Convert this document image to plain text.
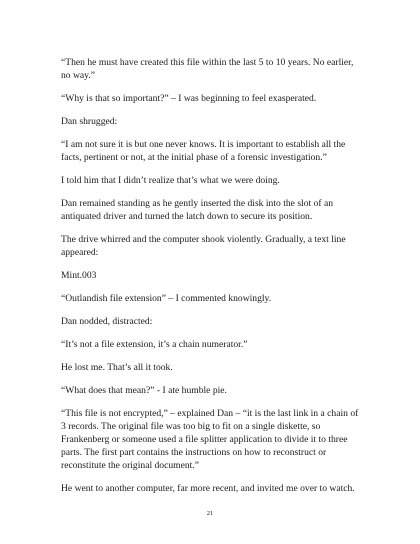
“Then he must have created this file within the last 5 to 10 years. No earlier, no way.”

“Why is that so important?” – I was beginning to feel exasperated.

Dan shrugged:

“I am not sure it is but one never knows. It is important to establish all the facts, pertinent or not, at the initial phase of a forensic investigation.”

I told him that I didn’t realize that’s what we were doing.

Dan remained standing as he gently inserted the disk into the slot of an antiquated driver and turned the latch down to secure its position.

The drive whirred and the computer shook violently. Gradually, a text line appeared:

Mint.003

“Outlandish file extension” – I commented knowingly.

Dan nodded, distracted:

“It’s not a file extension, it’s a chain numerator.”

He lost me. That’s all it took.

“What does that mean?” - I ate humble pie.

“This file is not encrypted,” – explained Dan – “it is the last link in a chain of 3 records. The original file was too big to fit on a single diskette, so Frankenberg or someone used a file splitter application to divide it to three parts. The first part contains the instructions on how to reconstruct or reconstitute the original document.”

He went to another computer, far more recent, and invited me over to watch.

21
